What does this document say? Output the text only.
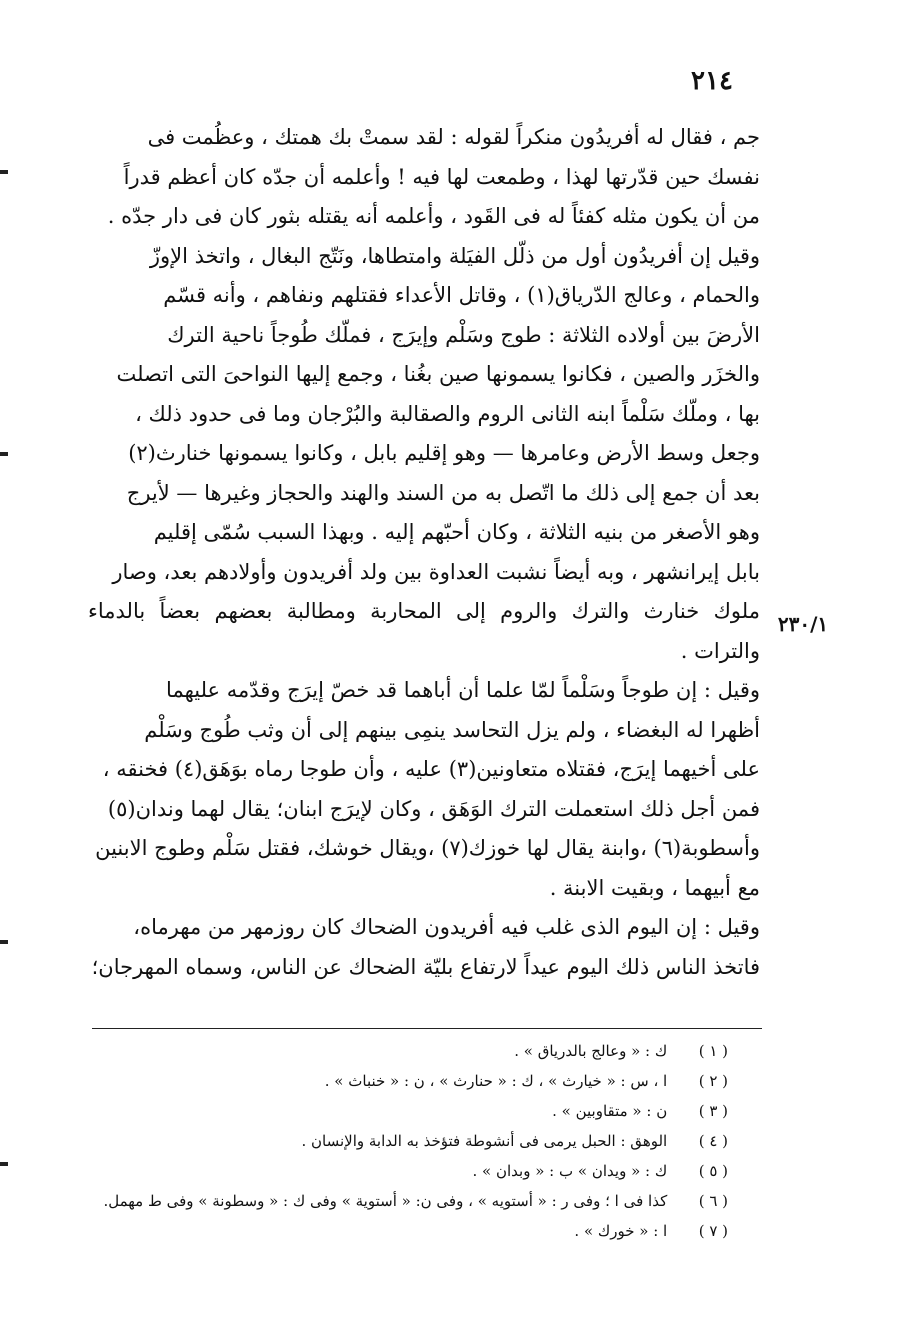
٢١٤
٢٣٠/١

جم ، فقال له أفريدُون منكراً لقوله : لقد سمتْ بك همتك ، وعظُمت فى

نفسك حين قدّرتها لهذا ، وطمعت لها فيه ! وأعلمه أن جدّه كان أعظم قدراً

من أن يكون مثله كفئاً له فى القَود ، وأعلمه أنه يقتله بثور كان فى دار جدّه .

وقيل إن أفريدُون أول من ذلّل الفيَلة وامتطاها، ونَتّج البغال ، واتخذ الإوزّ

والحمام ، وعالج الدّرياق(١) ، وقاتل الأعداء فقتلهم ونفاهم ، وأنه قسّم

الأرضَ بين أولاده الثلاثة : طوج وسَلْم وإيرَج ، فملّك طُوجاً ناحية الترك

والخزَر والصين ، فكانوا يسمونها صين بغُنا ، وجمع إليها النواحىَ التى اتصلت

بها ، وملّك سَلْماً ابنه الثانى الروم والصقالبة والبُرْجان وما فى حدود ذلك ،

وجعل وسط الأرض وعامرها — وهو إقليم بابل ، وكانوا يسمونها خنارث(٢)

بعد أن جمع إلى ذلك ما اتّصل به من السند والهند والحجاز وغيرها — لأيرج

وهو الأصغر من بنيه الثلاثة ، وكان أحبّهم إليه . وبهذا السبب سُمّى إقليم

بابل إيرانشهر ، وبه أيضاً نشبت العداوة بين ولد أفريدون وأولادهم بعد، وصار

ملوك خنارث والترك والروم إلى المحاربة ومطالبة بعضهم بعضاً بالدماء والترات .

وقيل : إن طوجاً وسَلْماً لمّا علما أن أباهما قد خصّ إيرَج وقدّمه عليهما

أظهرا له البغضاء ، ولم يزل التحاسد ينمِى بينهم إلى أن وثب طُوج وسَلْم

على أخيهما إيرَج، فقتلاه متعاونين(٣) عليه ، وأن طوجا رماه بوَهَق(٤) فخنقه ،

فمن أجل ذلك استعملت الترك الوَهَق ، وكان لإيرَج ابنان؛ يقال لهما وندان(٥)

وأسطوبة(٦) ،وابنة يقال لها خوزك(٧) ،ويقال خوشك، فقتل سَلْم وطوج الابنين

مع أبيهما ، وبقيت الابنة .

وقيل : إن اليوم الذى غلب فيه أفريدون الضحاك كان روزمهر من مهرماه،

فاتخذ الناس ذلك اليوم عيداً لارتفاع بليّة الضحاك عن الناس، وسماه المهرجان؛

( ١ ) ك : « وعالج بالدرياق » .
( ٢ ) ا ، س : « خيارث » ، ك : « حنارث » ، ن : « خنباث » .
( ٣ ) ن : « متقاوبين » .
( ٤ ) الوهق : الحبل يرمى فى أنشوطة فتؤخذ به الدابة والإنسان .
( ٥ ) ك : « ويدان » ب : « وبدان » .
( ٦ ) كذا فى ا ؛ وفى ر : « أستويه » ، وفى ن: « أستوية » وفى ك : « وسطونة » وفى ط مهمل.
( ٧ ) ا : « خورك » .
